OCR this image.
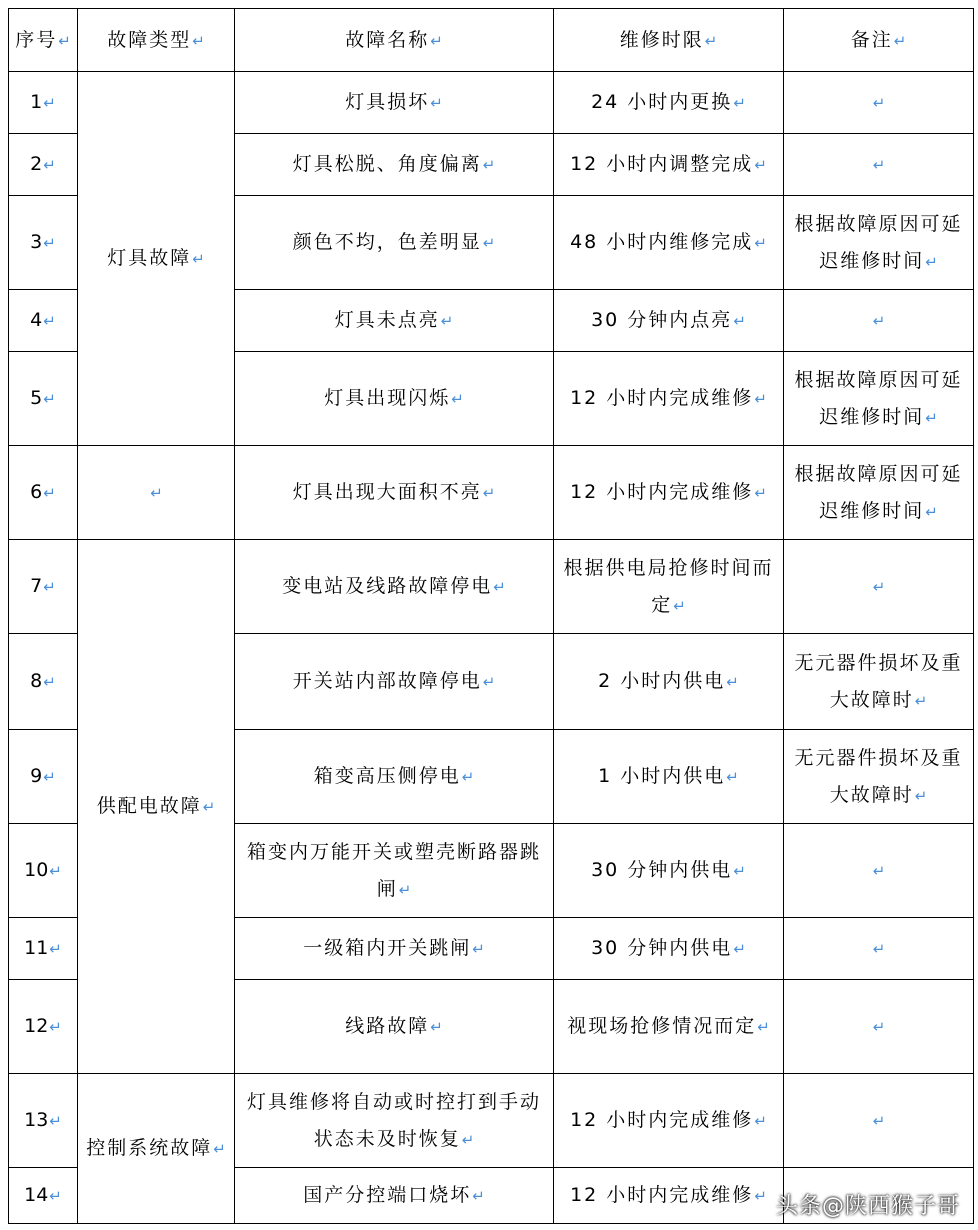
序号↵	故障类型↵	故障名称↵	维修时限↵	备注↵
1↵	灯具故障↵	灯具损坏↵	24 小时内更换↵	↵
2↵		灯具松脱、角度偏离↵	12 小时内调整完成↵	↵
3↵		颜色不均，色差明显↵	48 小时内维修完成↵	根据故障原因可延迟维修时间↵
4↵		灯具未点亮↵	30 分钟内点亮↵	↵
5↵		灯具出现闪烁↵	12 小时内完成维修↵	根据故障原因可延迟维修时间↵
6↵	↵	灯具出现大面积不亮↵	12 小时内完成维修↵	根据故障原因可延迟维修时间↵
7↵	供配电故障↵	变电站及线路故障停电↵	根据供电局抢修时间而定↵	↵
8↵		开关站内部故障停电↵	2 小时内供电↵	无元器件损坏及重大故障时↵
9↵		箱变高压侧停电↵	1 小时内供电↵	无元器件损坏及重大故障时↵
10↵		箱变内万能开关或塑壳断路器跳闸↵	30 分钟内供电↵	↵
11↵		一级箱内开关跳闸↵	30 分钟内供电↵	↵
12↵		线路故障↵	视现场抢修情况而定↵	↵
13↵	控制系统故障↵	灯具维修将自动或时控打到手动状态未及时恢复↵	12 小时内完成维修↵	↵
14↵		国产分控端口烧坏↵	12 小时内完成维修↵	头条@陕西猴子哥
